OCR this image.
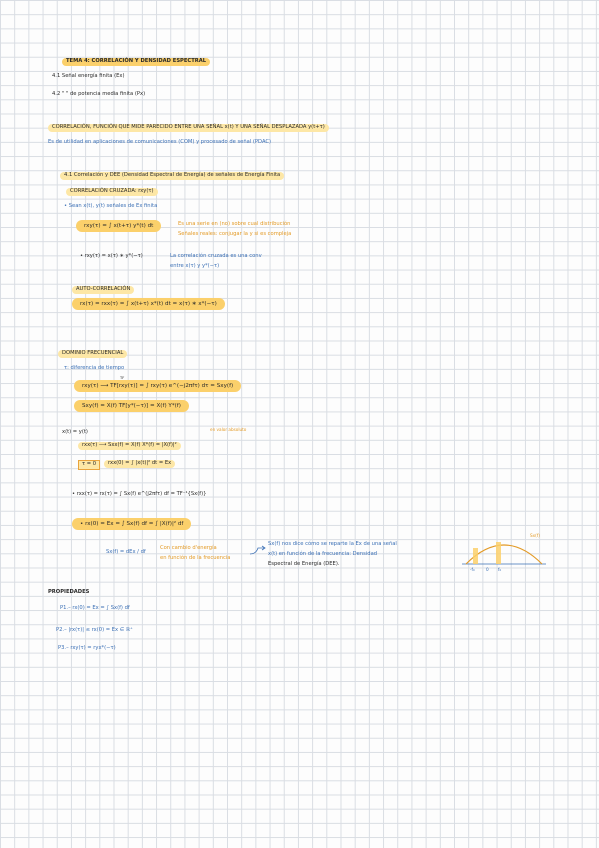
TEMA 4: CORRELACIÓN Y DENSIDAD ESPECTRAL
4.1 Señal energía finita (Ex)
4.2 " " de potencia media finita (Px)
CORRELACIÓN, FUNCIÓN QUE MIDE PARECIDO ENTRE UNA SEÑAL x(t) Y UNA SEÑAL DESPLAZADA y(t+τ)
Es de utilidad en aplicaciones de comunicaciones (COM) y procesado de señal (PDAC)
4.1 Correlación y DEE (Densidad Espectral de Energía) de señales de Energía Finita
CORRELACIÓN CRUZADA: rxy(τ)
• Sean x(t), y(t) señales de Ex finita
rxy(τ) = ∫ x(t+τ) y*(t) dt	Es una serie en (no) sobre cual distribución
Señales reales: conjugar la y si es compleja
• rxy(τ) = x(τ) ∗ y*(−τ)	La correlación cruzada es una conv
entre x(τ) y y*(−τ)
AUTO-CORRELACIÓN
rx(τ) = rxx(τ) = ∫ x(t+τ) x*(t) dt = x(τ) ∗ x*(−τ)
DOMINIO FRECUENCIAL
τ: diferencia de tiempo
rxy(τ) ⟶ TF[rxy(τ)] = ∫ rxy(τ) e^(−j2πfτ) dτ = Sxy(f)
TF
Sxy(f) = X(f) TF[y*(−τ)] = X(f) Y*(f)
x(t) = y(t)	en valor absoluto
rxx(τ) ⟶ Sxx(f) = X(f) X*(f) = |X(f)|²
τ = 0	rxx(0) = ∫ |x(t)|² dt = Ex
• rxx(τ) = rx(τ) = ∫ Sx(f) e^(j2πfτ) df = TF⁻¹{Sx(f)}
• rx(0) = Ex = ∫ Sx(f) df = ∫ |X(f)|² df
Sx(f) = dEx / df
Con cambio d'energía
en función de la frecuencia
Sx(f) nos dice cómo se reparte la Ex de una señal
x(t) en función de la frecuencia: Densidad
Espectral de Energía (DEE).
Sx(f)
-f₀	0 f₀
PROPIEDADES
P1.– rx(0) = Ex = ∫ Sx(f) df
P2.– |rx(τ)| ≤ rx(0) = Ex ∈ ℝ⁺
P3.– rxy(τ) = ryx*(−τ)
